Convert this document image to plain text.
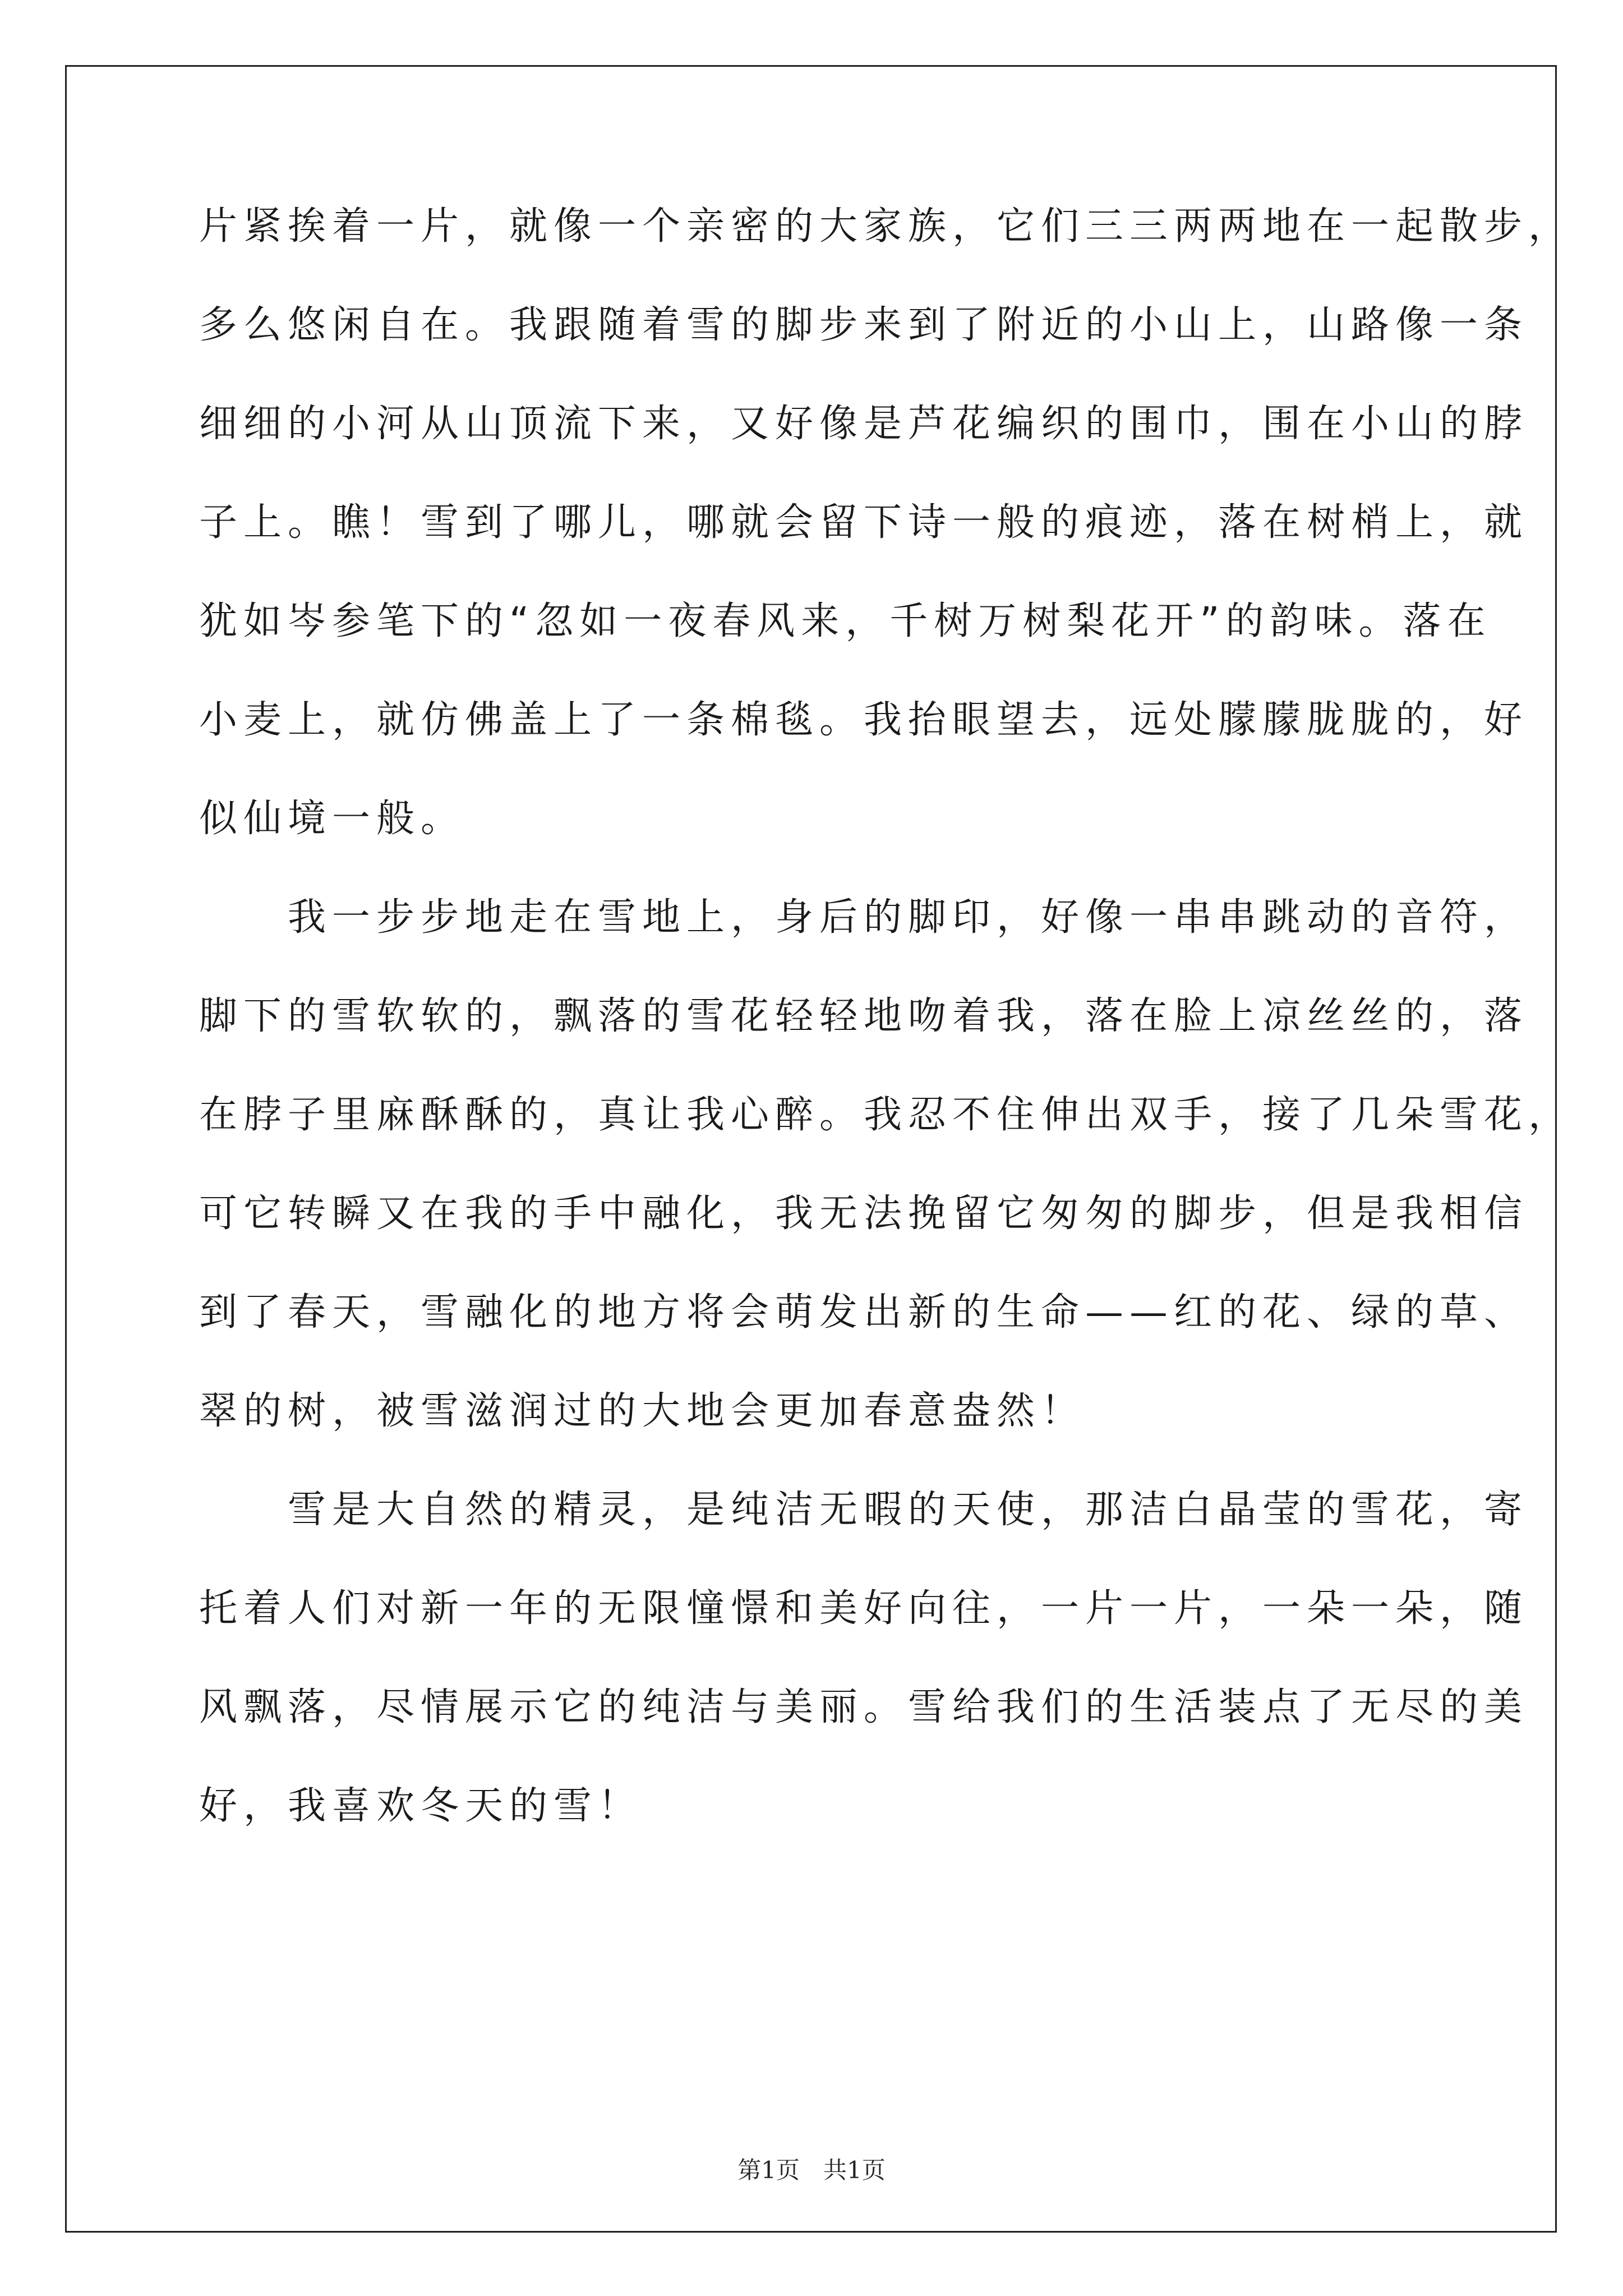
片紧挨着一片，就像一个亲密的大家族，它们三三两两地在一起散步，
多么悠闲自在。我跟随着雪的脚步来到了附近的小山上，山路像一条
细细的小河从山顶流下来，又好像是芦花编织的围巾，围在小山的脖
子上。瞧！雪到了哪儿，哪就会留下诗一般的痕迹，落在树梢上，就
犹如岑参笔下的“忽如一夜春风来，千树万树梨花开”的韵味。落在
小麦上，就仿佛盖上了一条棉毯。我抬眼望去，远处朦朦胧胧的，好
似仙境一般。
　　我一步步地走在雪地上，身后的脚印，好像一串串跳动的音符，
脚下的雪软软的，飘落的雪花轻轻地吻着我，落在脸上凉丝丝的，落
在脖子里麻酥酥的，真让我心醉。我忍不住伸出双手，接了几朵雪花，
可它转瞬又在我的手中融化，我无法挽留它匆匆的脚步，但是我相信
到了春天，雪融化的地方将会萌发出新的生命——红的花、绿的草、
翠的树，被雪滋润过的大地会更加春意盎然！
　　雪是大自然的精灵，是纯洁无暇的天使，那洁白晶莹的雪花，寄
托着人们对新一年的无限憧憬和美好向往，一片一片，一朵一朵，随
风飘落，尽情展示它的纯洁与美丽。雪给我们的生活装点了无尽的美
好，我喜欢冬天的雪！
第1页　共1页
